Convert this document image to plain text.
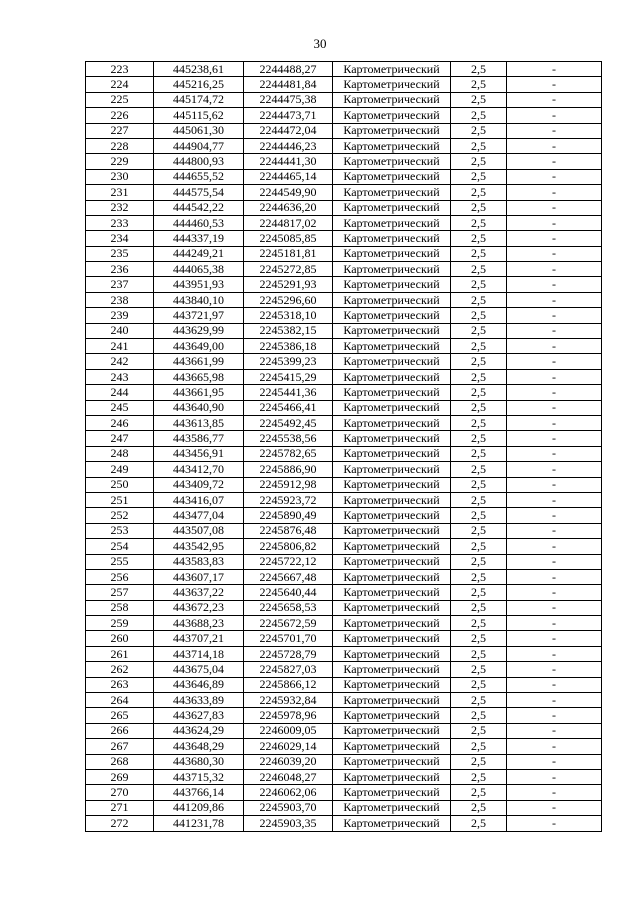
30
223	445238,61	2244488,27	Картометрический	2,5	-
224	445216,25	2244481,84	Картометрический	2,5	-
225	445174,72	2244475,38	Картометрический	2,5	-
226	445115,62	2244473,71	Картометрический	2,5	-
227	445061,30	2244472,04	Картометрический	2,5	-
228	444904,77	2244446,23	Картометрический	2,5	-
229	444800,93	2244441,30	Картометрический	2,5	-
230	444655,52	2244465,14	Картометрический	2,5	-
231	444575,54	2244549,90	Картометрический	2,5	-
232	444542,22	2244636,20	Картометрический	2,5	-
233	444460,53	2244817,02	Картометрический	2,5	-
234	444337,19	2245085,85	Картометрический	2,5	-
235	444249,21	2245181,81	Картометрический	2,5	-
236	444065,38	2245272,85	Картометрический	2,5	-
237	443951,93	2245291,93	Картометрический	2,5	-
238	443840,10	2245296,60	Картометрический	2,5	-
239	443721,97	2245318,10	Картометрический	2,5	-
240	443629,99	2245382,15	Картометрический	2,5	-
241	443649,00	2245386,18	Картометрический	2,5	-
242	443661,99	2245399,23	Картометрический	2,5	-
243	443665,98	2245415,29	Картометрический	2,5	-
244	443661,95	2245441,36	Картометрический	2,5	-
245	443640,90	2245466,41	Картометрический	2,5	-
246	443613,85	2245492,45	Картометрический	2,5	-
247	443586,77	2245538,56	Картометрический	2,5	-
248	443456,91	2245782,65	Картометрический	2,5	-
249	443412,70	2245886,90	Картометрический	2,5	-
250	443409,72	2245912,98	Картометрический	2,5	-
251	443416,07	2245923,72	Картометрический	2,5	-
252	443477,04	2245890,49	Картометрический	2,5	-
253	443507,08	2245876,48	Картометрический	2,5	-
254	443542,95	2245806,82	Картометрический	2,5	-
255	443583,83	2245722,12	Картометрический	2,5	-
256	443607,17	2245667,48	Картометрический	2,5	-
257	443637,22	2245640,44	Картометрический	2,5	-
258	443672,23	2245658,53	Картометрический	2,5	-
259	443688,23	2245672,59	Картометрический	2,5	-
260	443707,21	2245701,70	Картометрический	2,5	-
261	443714,18	2245728,79	Картометрический	2,5	-
262	443675,04	2245827,03	Картометрический	2,5	-
263	443646,89	2245866,12	Картометрический	2,5	-
264	443633,89	2245932,84	Картометрический	2,5	-
265	443627,83	2245978,96	Картометрический	2,5	-
266	443624,29	2246009,05	Картометрический	2,5	-
267	443648,29	2246029,14	Картометрический	2,5	-
268	443680,30	2246039,20	Картометрический	2,5	-
269	443715,32	2246048,27	Картометрический	2,5	-
270	443766,14	2246062,06	Картометрический	2,5	-
271	441209,86	2245903,70	Картометрический	2,5	-
272	441231,78	2245903,35	Картометрический	2,5	-
